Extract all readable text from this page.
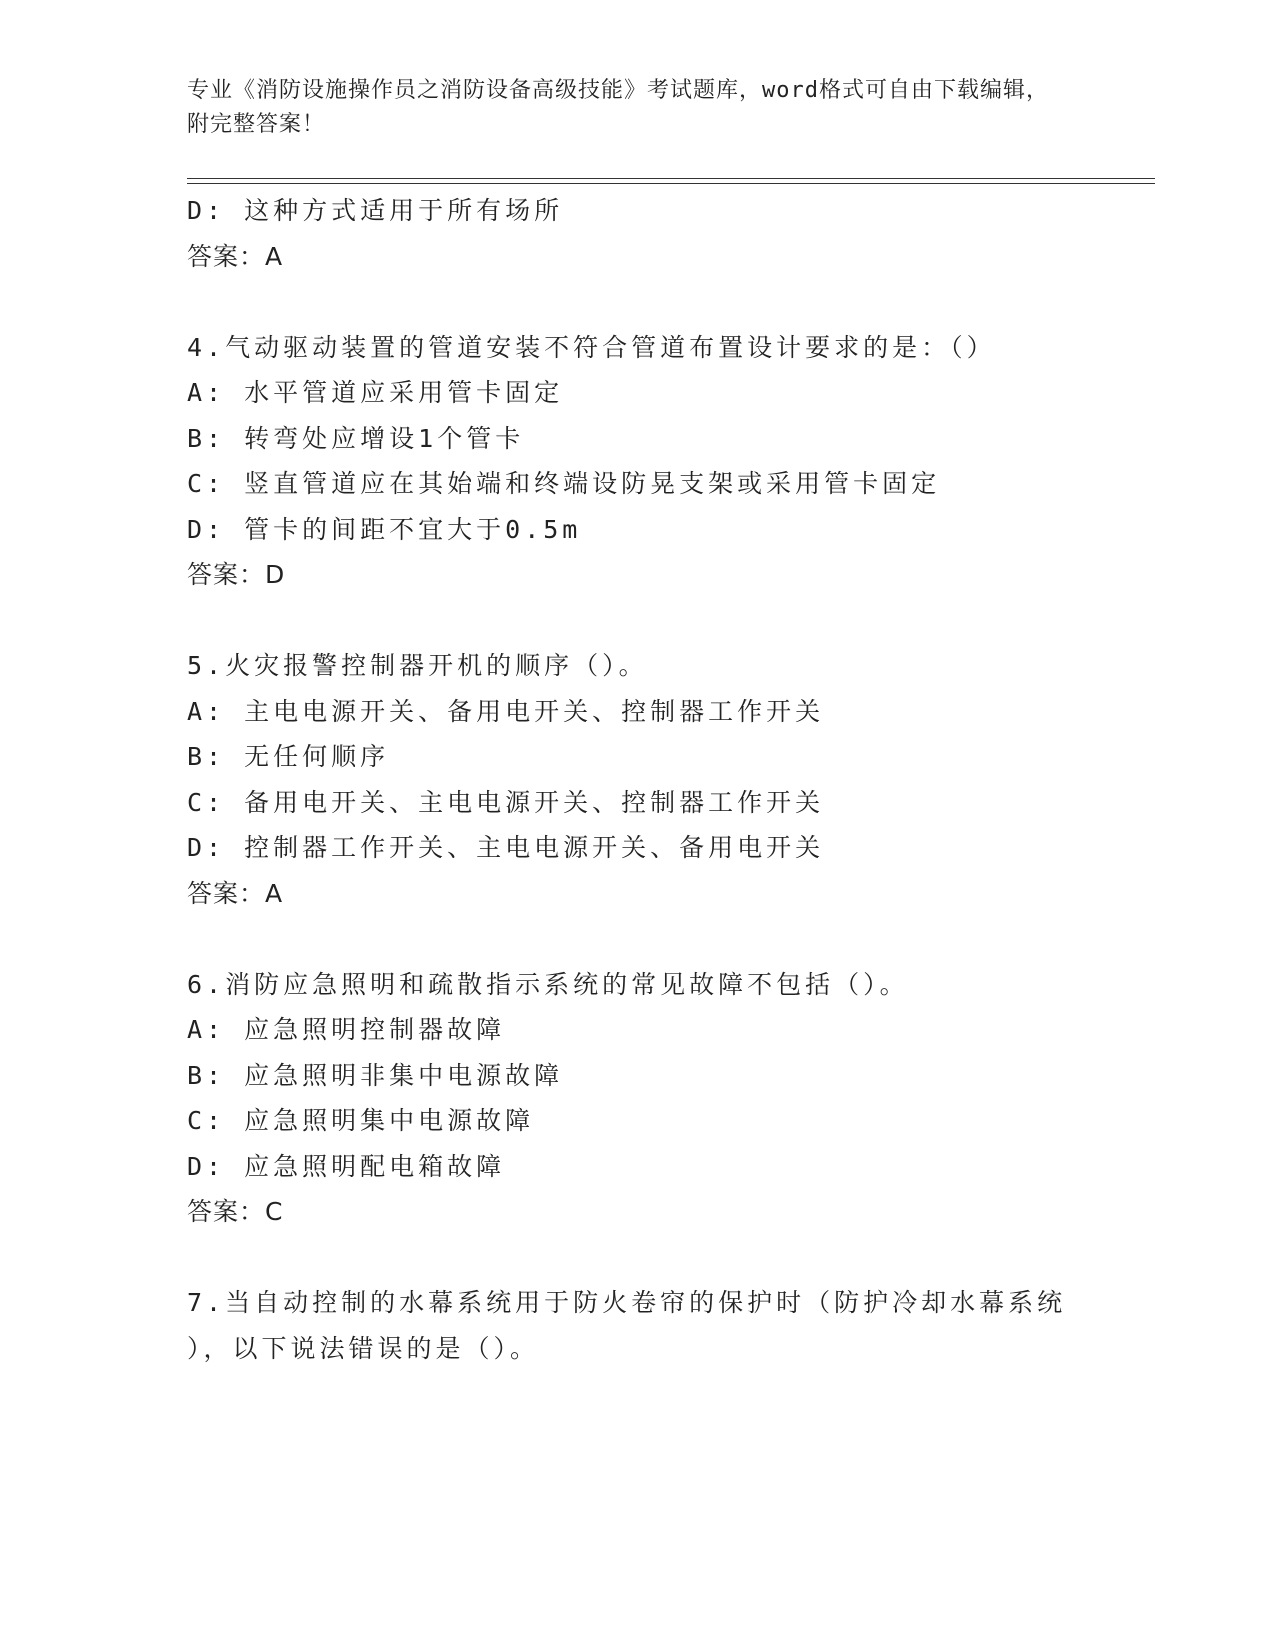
专业《消防设施操作员之消防设备高级技能》考试题库，word格式可自由下载编辑，附完整答案！
D: 这种方式适用于所有场所
答案：A
4.气动驱动装置的管道安装不符合管道布置设计要求的是：（）
A: 水平管道应采用管卡固定
B: 转弯处应增设1个管卡
C: 竖直管道应在其始端和终端设防晃支架或采用管卡固定
D: 管卡的间距不宜大于0.5m
答案：D
5.火灾报警控制器开机的顺序（）。
A: 主电电源开关、备用电开关、控制器工作开关
B: 无任何顺序
C: 备用电开关、主电电源开关、控制器工作开关
D: 控制器工作开关、主电电源开关、备用电开关
答案：A
6.消防应急照明和疏散指示系统的常见故障不包括（）。
A: 应急照明控制器故障
B: 应急照明非集中电源故障
C: 应急照明集中电源故障
D: 应急照明配电箱故障
答案：C
7.当自动控制的水幕系统用于防火卷帘的保护时（防护冷却水幕系统
），以下说法错误的是（）。
